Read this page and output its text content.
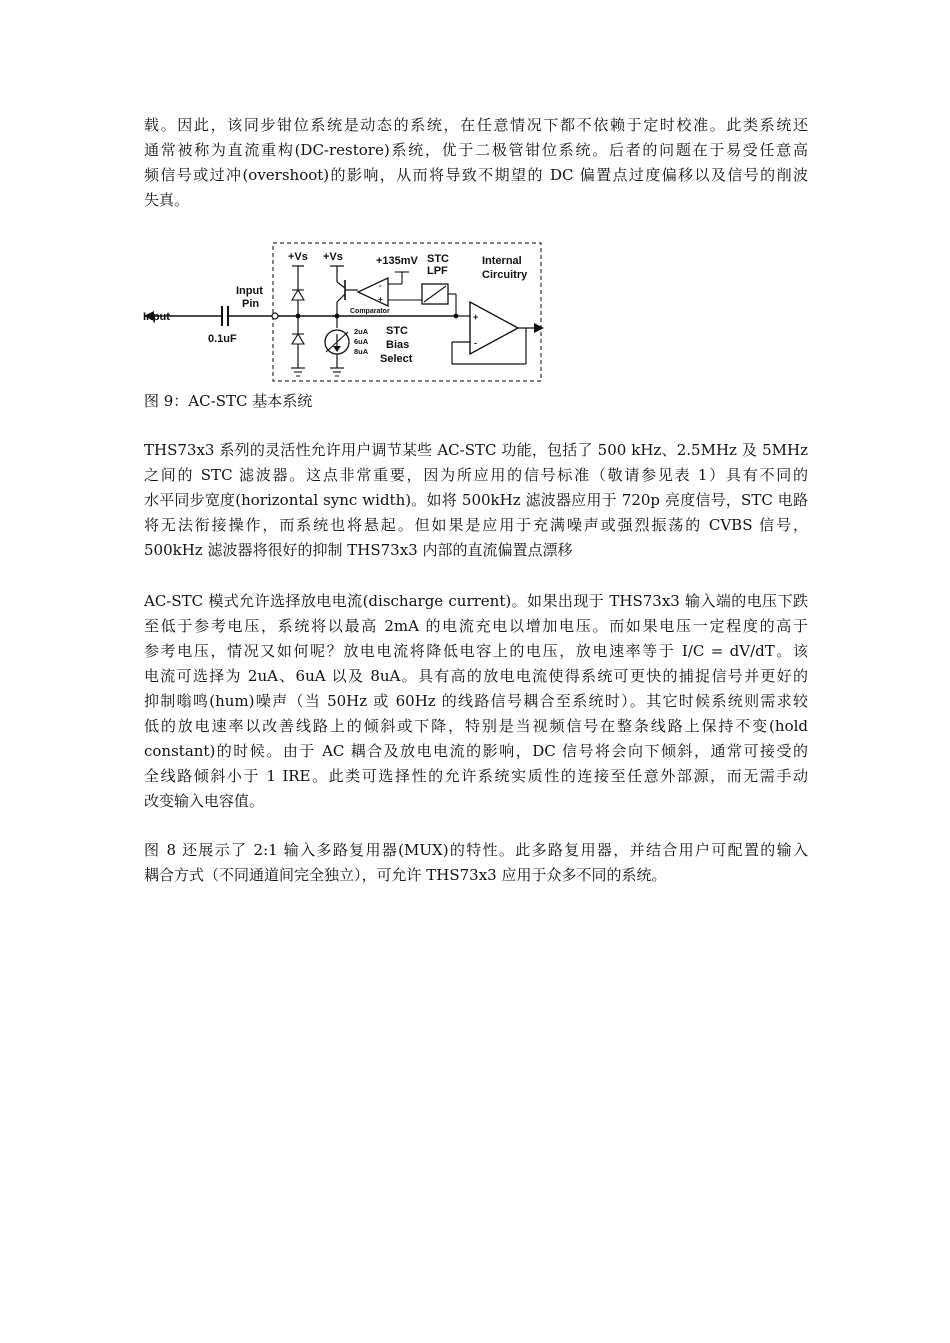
载。因此，该同步钳位系统是动态的系统，在任意情况下都不依赖于定时校准。此类系统还
通常被称为直流重构(DC-restore)系统，优于二极管钳位系统。后者的问题在于易受任意高
频信号或过冲(overshoot)的影响，从而将导致不期望的 DC 偏置点过度偏移以及信号的削波
失真。
+Vs +Vs	+135mV STC
LPF
Internal
Circuitry
Input
Pin
Input
0.1uF
Comparator
+
-
2uA
6uA
8uA
STC
Bias
Select
+
-
图 9：AC-STC 基本系统
THS73x3 系列的灵活性允许用户调节某些 AC-STC 功能，包括了 500 kHz、2.5MHz 及 5MHz
之间的 STC 滤波器。这点非常重要，因为所应用的信号标准（敬请参见表 1）具有不同的
水平同步宽度(horizontal sync width)。如将 500kHz 滤波器应用于 720p 亮度信号，STC 电路
将无法衔接操作，而系统也将悬起。但如果是应用于充满噪声或强烈振荡的 CVBS 信号，
500kHz 滤波器将很好的抑制 THS73x3 内部的直流偏置点漂移
AC-STC 模式允许选择放电电流(discharge current)。如果出现于 THS73x3 输入端的电压下跌
至低于参考电压，系统将以最高 2mA 的电流充电以增加电压。而如果电压一定程度的高于
参考电压，情况又如何呢？放电电流将降低电容上的电压，放电速率等于 I/C = dV/dT。该
电流可选择为 2uA、6uA 以及 8uA。具有高的放电电流使得系统可更快的捕捉信号并更好的
抑制嗡鸣(hum)噪声（当 50Hz 或 60Hz 的线路信号耦合至系统时）。其它时候系统则需求较
低的放电速率以改善线路上的倾斜或下降，特别是当视频信号在整条线路上保持不变(hold
constant)的时候。由于 AC 耦合及放电电流的影响，DC 信号将会向下倾斜，通常可接受的
全线路倾斜小于 1 IRE。此类可选择性的允许系统实质性的连接至任意外部源，而无需手动
改变输入电容值。
图 8 还展示了 2:1 输入多路复用器(MUX)的特性。此多路复用器，并结合用户可配置的输入
耦合方式（不同通道间完全独立），可允许 THS73x3 应用于众多不同的系统。
